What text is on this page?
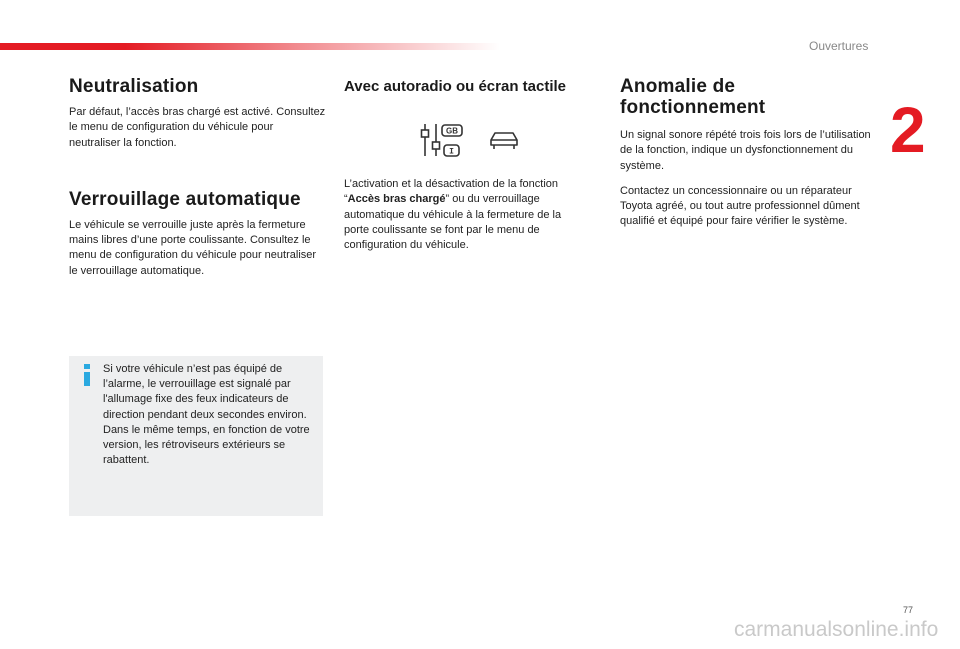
Ouvertures
2
Neutralisation

Par défaut, l’accès bras chargé est activé. Consultez le menu de configuration du véhicule pour neutraliser la fonction.

Verrouillage automatique

Le véhicule se verrouille juste après la fermeture mains libres d’une porte coulissante. Consultez le menu de configuration du véhicule pour neutraliser le verrouillage automatique.

Si votre véhicule n’est pas équipé de l’alarme, le verrouillage est signalé par l'allumage fixe des feux indicateurs de direction pendant deux secondes environ.

Dans le même temps, en fonction de votre version, les rétroviseurs extérieurs se rabattent.

Avec autoradio ou écran tactile

L’activation et la désactivation de la fonction “Accès bras chargé” ou du verrouillage automatique du véhicule à la fermeture de la porte coulissante se font par le menu de configuration du véhicule.

GB
I
Anomalie de
fonctionnement

Un signal sonore répété trois fois lors de l’utilisation de la fonction, indique un dysfonctionnement du système.

Contactez un concessionnaire ou un réparateur Toyota agréé, ou tout autre professionnel dûment qualifié et équipé pour faire vérifier le système.

77
carmanualsonline.info
